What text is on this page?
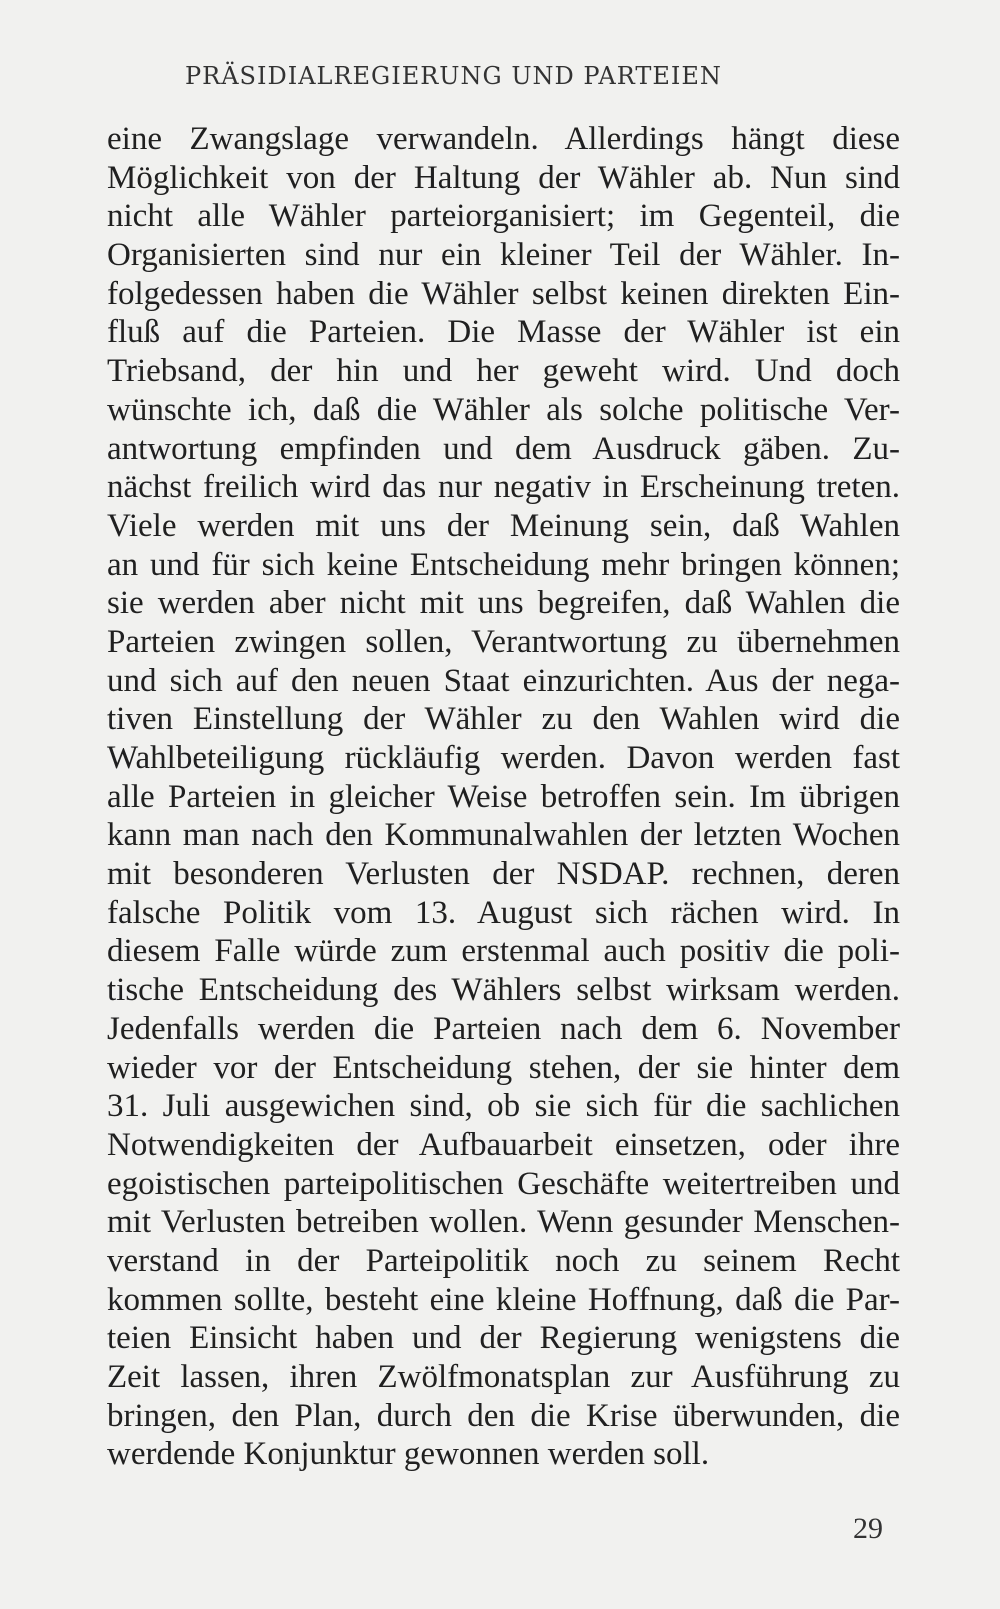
PRÄSIDIALREGIERUNG UND PARTEIEN
eine Zwangslage verwandeln. Allerdings hängt diese
Möglichkeit von der Haltung der Wähler ab. Nun sind
nicht alle Wähler parteiorganisiert; im Gegenteil, die
Organisierten sind nur ein kleiner Teil der Wähler. In-
folgedessen haben die Wähler selbst keinen direkten Ein-
fluß auf die Parteien. Die Masse der Wähler ist ein
Triebsand, der hin und her geweht wird. Und doch
wünschte ich, daß die Wähler als solche politische Ver-
antwortung empfinden und dem Ausdruck gäben. Zu-
nächst freilich wird das nur negativ in Erscheinung treten.
Viele werden mit uns der Meinung sein, daß Wahlen
an und für sich keine Entscheidung mehr bringen können;
sie werden aber nicht mit uns begreifen, daß Wahlen die
Parteien zwingen sollen, Verantwortung zu übernehmen
und sich auf den neuen Staat einzurichten. Aus der nega-
tiven Einstellung der Wähler zu den Wahlen wird die
Wahlbeteiligung rückläufig werden. Davon werden fast
alle Parteien in gleicher Weise betroffen sein. Im übrigen
kann man nach den Kommunalwahlen der letzten Wochen
mit besonderen Verlusten der NSDAP. rechnen, deren
falsche Politik vom 13. August sich rächen wird. In
diesem Falle würde zum erstenmal auch positiv die poli-
tische Entscheidung des Wählers selbst wirksam werden.
Jedenfalls werden die Parteien nach dem 6. November
wieder vor der Entscheidung stehen, der sie hinter dem
31. Juli ausgewichen sind, ob sie sich für die sachlichen
Notwendigkeiten der Aufbauarbeit einsetzen, oder ihre
egoistischen parteipolitischen Geschäfte weitertreiben und
mit Verlusten betreiben wollen. Wenn gesunder Menschen-
verstand in der Parteipolitik noch zu seinem Recht
kommen sollte, besteht eine kleine Hoffnung, daß die Par-
teien Einsicht haben und der Regierung wenigstens die
Zeit lassen, ihren Zwölfmonatsplan zur Ausführung zu
bringen, den Plan, durch den die Krise überwunden, die
werdende Konjunktur gewonnen werden soll.
29
